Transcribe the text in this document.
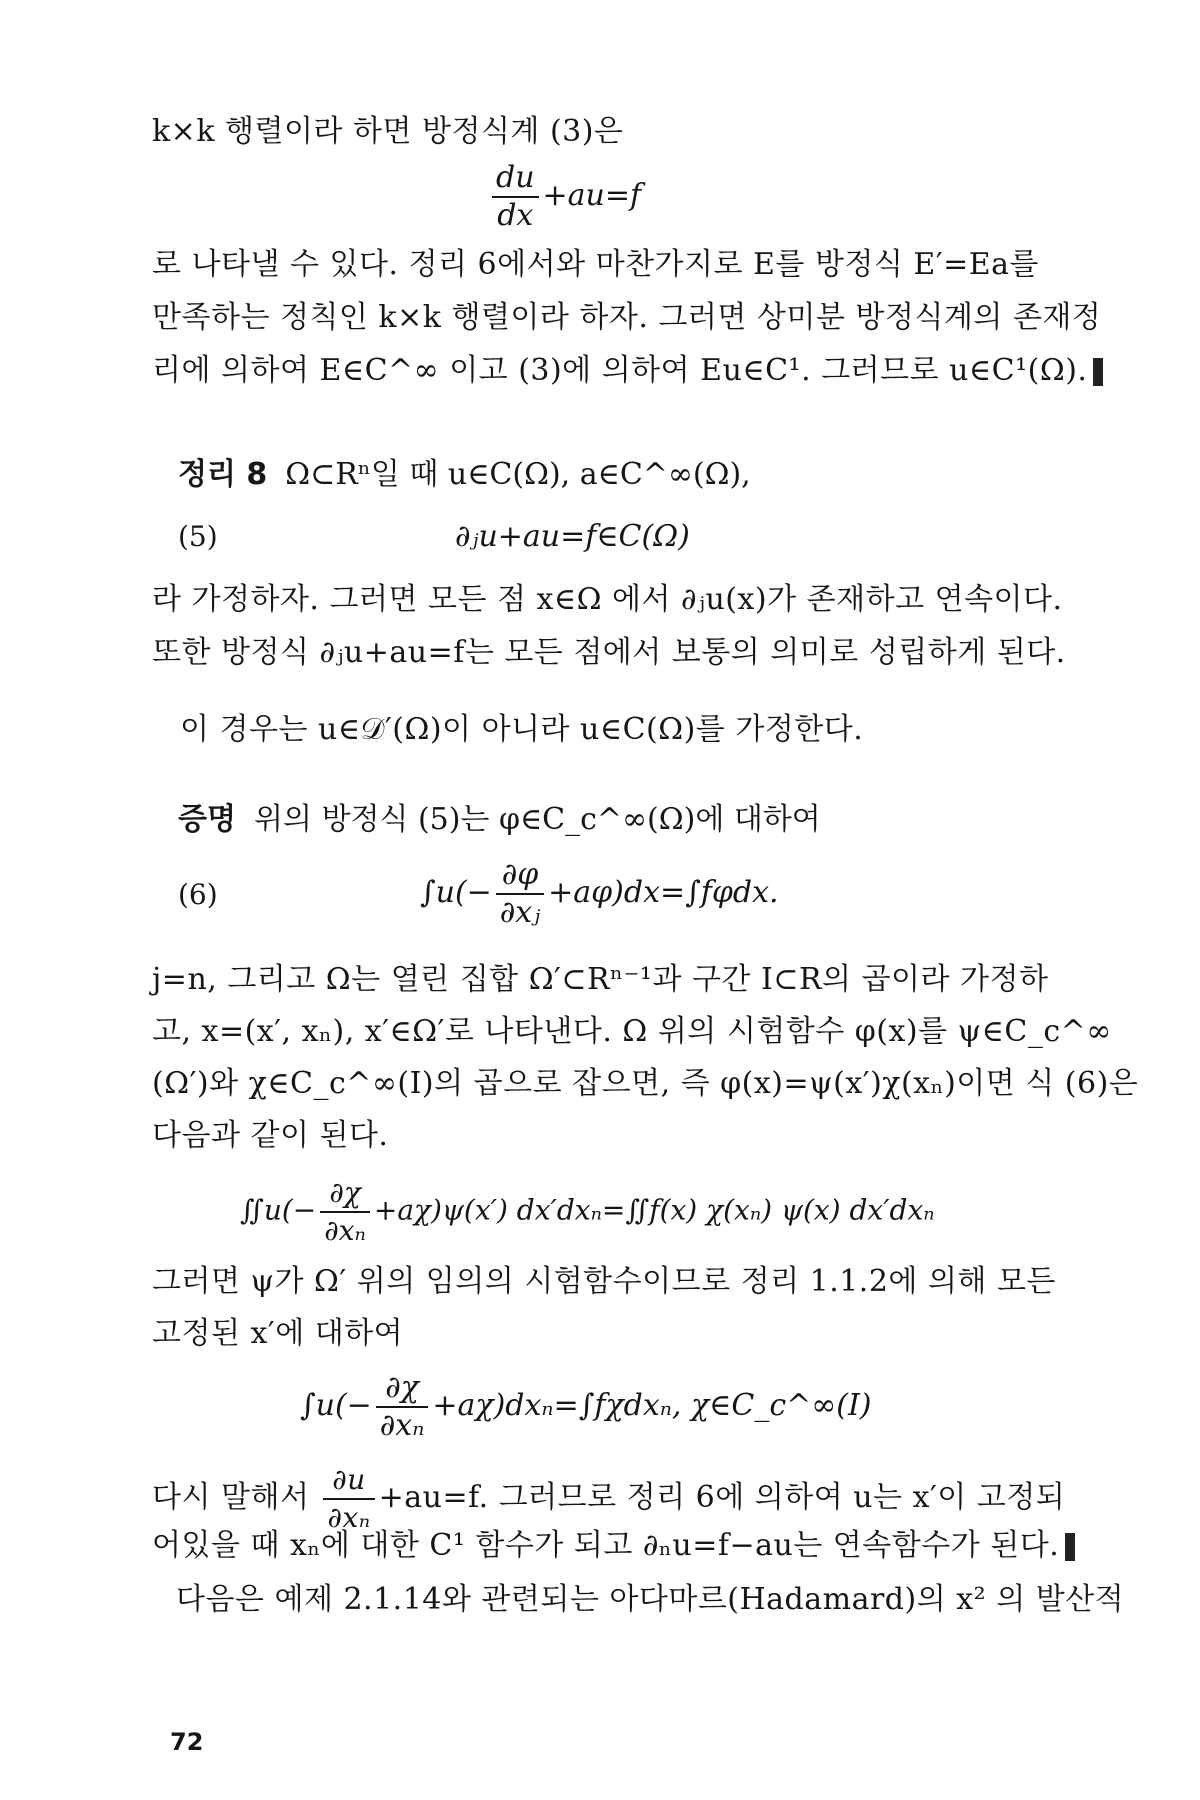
k×k 행렬이라 하면 방정식계 (3)은
$\frac{du}{dx} +au=f$
로 나타낼 수 있다. 정리 6에서와 마찬가지로 E를 방정식 E′=Ea를
만족하는 정칙인 k×k 행렬이라 하자. 그러면 상미분 방정식계의 존재정
리에 의하여 E∈C^∞ 이고 (3)에 의하여 Eu∈C¹. 그러므로 u∈C¹(Ω).
정리 8 Ω⊂Rⁿ일 때 u∈C(Ω), a∈C^∞(Ω),
(5)	∂ⱼu+au=f∈C(Ω)
라 가정하자. 그러면 모든 점 x∈Ω 에서 ∂ⱼu(x)가 존재하고 연속이다.
또한 방정식 ∂ⱼu+au=f는 모든 점에서 보통의 의미로 성립하게 된다.
이 경우는 u∈𝒟′(Ω)이 아니라 u∈C(Ω)를 가정한다.
증명 위의 방정식 (5)는 φ∈C_c^∞(Ω)에 대하여
(6)	$\int u(- \frac{\partial\varphi}{\text{∂xⱼ}} +a\varphi)dx=\int f\varphi dx$.
j=n, 그리고 Ω는 열린 집합 Ω′⊂Rⁿ⁻¹과 구간 I⊂R의 곱이라 가정하
고, x=(x′, xₙ), x′∈Ω′로 나타낸다. Ω 위의 시험함수 φ(x)를 ψ∈C_c^∞
(Ω′)와 χ∈C_c^∞(I)의 곱으로 잡으면, 즉 φ(x)=ψ(x′)χ(xₙ)이면 식 (6)은
다음과 같이 된다.
∬u(− $\frac{\partial\chi}{\text{∂xₙ}} +a\chi)\psi(x')$ dx′dxₙ=∬f(x) χ(xₙ) ψ(x) dx′dxₙ
그러면 ψ가 Ω′ 위의 임의의 시험함수이므로 정리 1.1.2에 의해 모든
고정된 x′에 대하여
$\int u(- \frac{\partial\chi}{\text{∂xₙ}} +a\chi)dx_n=\int f\chi dx_n$, χ∈C_c^∞(I)
다시 말해서 $\frac{\partial u}{\text{∂xₙ}} +au=f$. 그러므로 정리 6에 의하여 u는 x′이 고정되
어있을 때 xₙ에 대한 C¹ 함수가 되고 ∂ₙu=f−au는 연속함수가 된다.
다음은 예제 2.1.14와 관련되는 아다마르(Hadamard)의 x² 의 발산적
72
